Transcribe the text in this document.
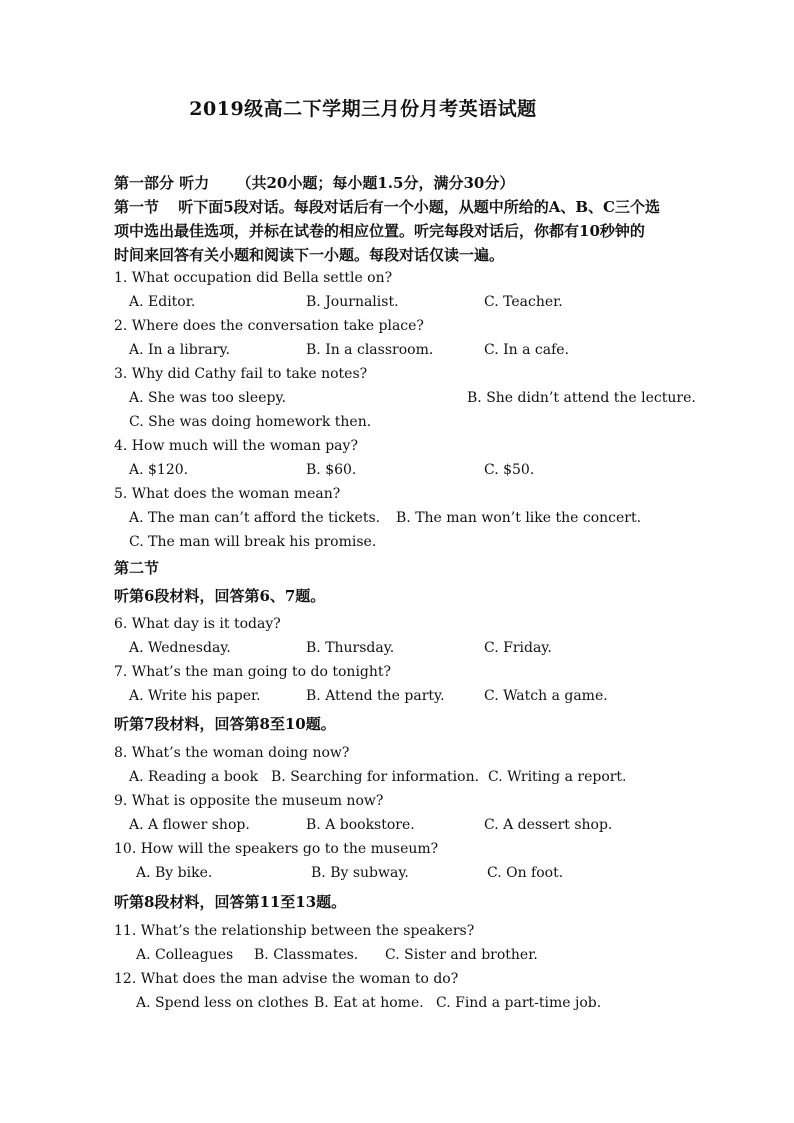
2019级高二下学期三月份月考英语试题
第一部分 听力 （共20小题；每小题1.5分，满分30分）
第一节 听下面5段对话。每段对话后有一个小题，从题中所给的A、B、C三个选
项中选出最佳选项，并标在试卷的相应位置。听完每段对话后，你都有10秒钟的
时间来回答有关小题和阅读下一小题。每段对话仅读一遍。
1. What occupation did Bella settle on?
A. Editor.	B. Journalist.	C. Teacher.
2. Where does the conversation take place?
A. In a library.	B. In a classroom.	C. In a cafe.
3. Why did Cathy fail to take notes?
A. She was too sleepy.	B. She didn’t attend the lecture.
C. She was doing homework then.
4. How much will the woman pay?
A. $120.	B. $60.	C. $50.
5. What does the woman mean?
A. The man can’t afford the tickets. B. The man won’t like the concert.
C. The man will break his promise.
第二节
听第6段材料，回答第6、7题。
6. What day is it today?
A. Wednesday.	B. Thursday.	C. Friday.
7. What’s the man going to do tonight?
A. Write his paper.	B. Attend the party.	C. Watch a game.
听第7段材料，回答第8至10题。
8. What’s the woman doing now?
A. Reading a book B. Searching for information. C. Writing a report.
9. What is opposite the museum now?
A. A flower shop.	B. A bookstore.	C. A dessert shop.
10. How will the speakers go to the museum?
A. By bike.	B. By subway.	C. On foot.
听第8段材料，回答第11至13题。
11. What’s the relationship between the speakers?
A. Colleagues B. Classmates. C. Sister and brother.
12. What does the man advise the woman to do?
A. Spend less on clothes B. Eat at home. C. Find a part-time job.
